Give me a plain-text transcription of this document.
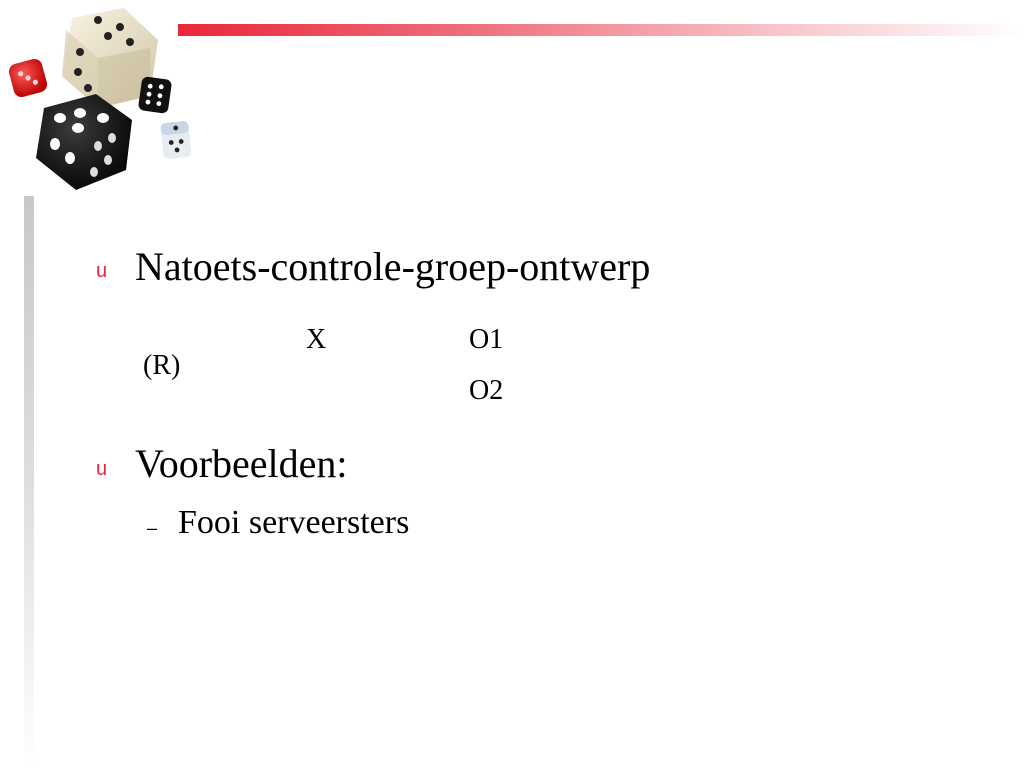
u Natoets-controle-groep-ontwerp
(R)
X	O1
O2
u Voorbeelden:
– Fooi serveersters
